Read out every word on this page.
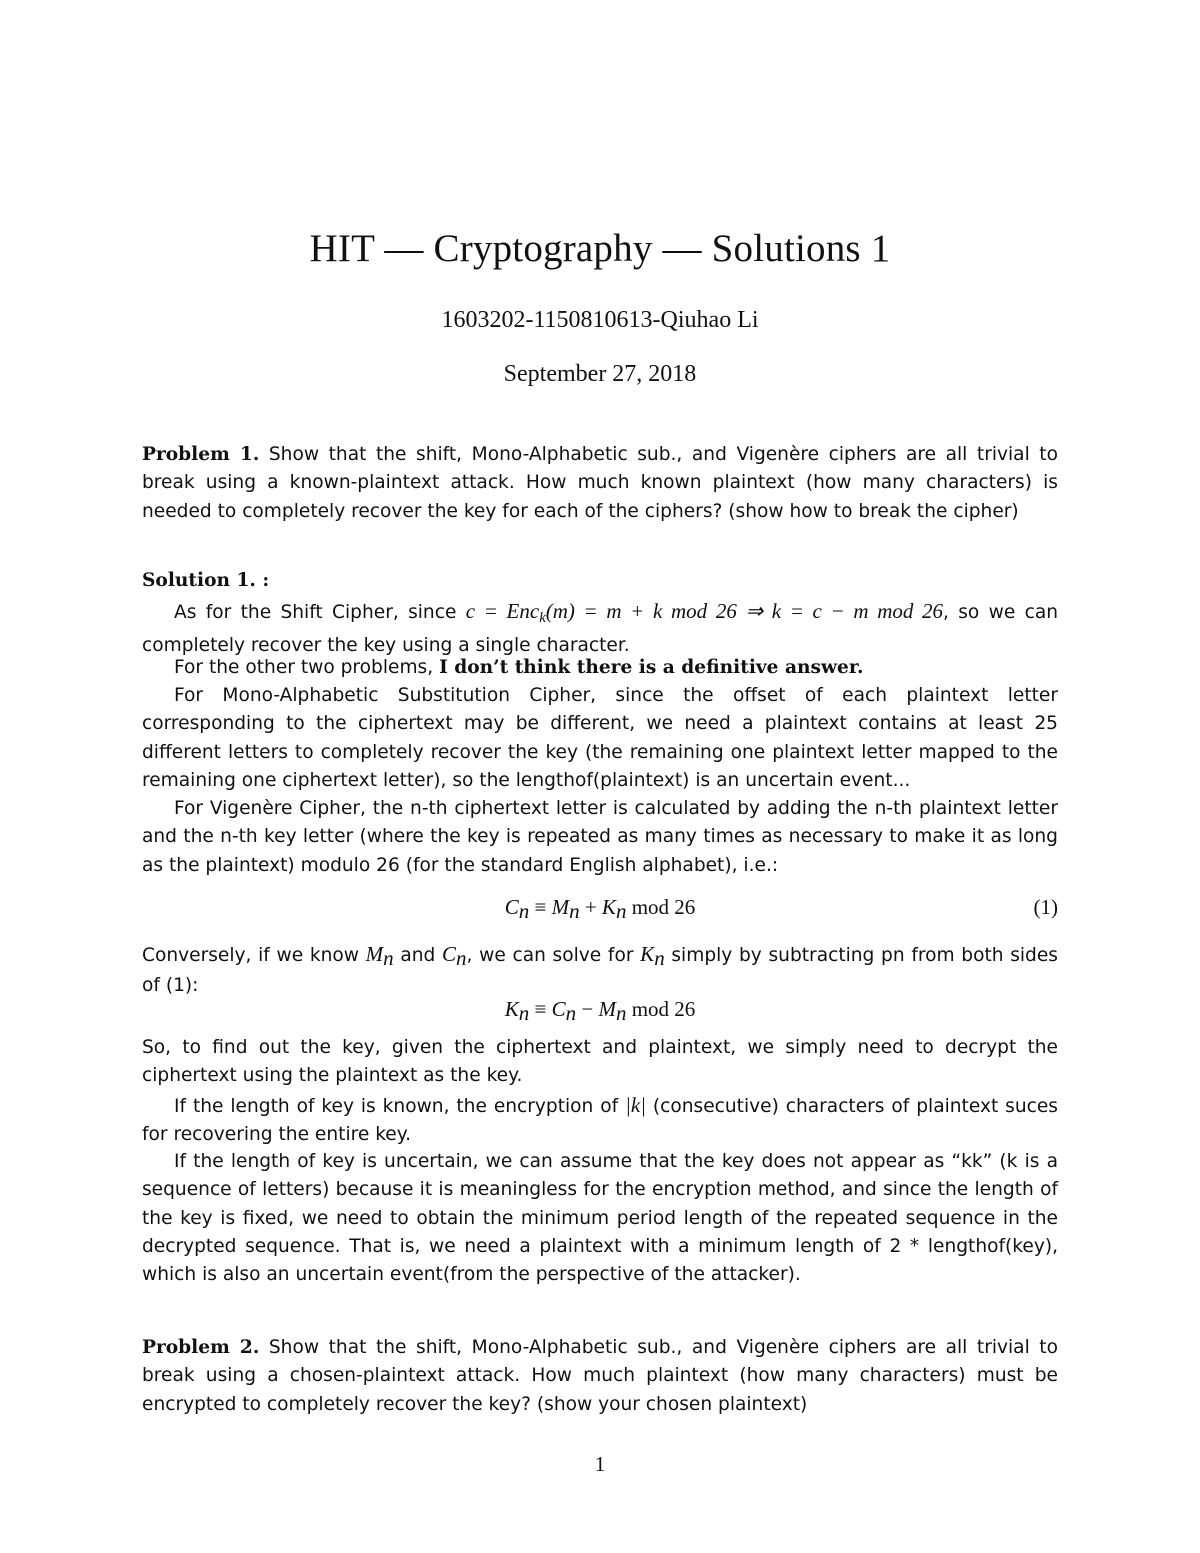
HIT — Cryptography — Solutions 1
1603202-1150810613-Qiuhao Li
September 27, 2018

Problem 1. Show that the shift, Mono-Alphabetic sub., and Vigenère ciphers are all trivial to break using a known-plaintext attack. How much known plaintext (how many characters) is needed to completely recover the key for each of the ciphers? (show how to break the cipher)

Solution 1. :

As for the Shift Cipher, since c = Enc$_k$(m) = m + k mod 26 ⇒ k = c − m mod 26, so we can completely recover the key using a single character.

For the other two problems, I don’t think there is a definitive answer.

For Mono-Alphabetic Substitution Cipher, since the offset of each plaintext letter corresponding to the ciphertext may be different, we need a plaintext contains at least 25 different letters to completely recover the key (the remaining one plaintext letter mapped to the remaining one ciphertext letter), so the lengthof(plaintext) is an uncertain event...

For Vigenère Cipher, the n-th ciphertext letter is calculated by adding the n-th plaintext letter and the n-th key letter (where the key is repeated as many times as necessary to make it as long as the plaintext) modulo 26 (for the standard English alphabet), i.e.:

$C_n \equiv M_n + K_n$ mod 26	(1)

Conversely, if we know $M_n$ and $C_n$, we can solve for $K_n$ simply by subtracting pn from both sides of (1):

$K_n \equiv C_n - M_n$ mod 26

So, to find out the key, given the ciphertext and plaintext, we simply need to decrypt the ciphertext using the plaintext as the key.

If the length of key is known, the encryption of |k| (consecutive) characters of plaintext suces for recovering the entire key.

If the length of key is uncertain, we can assume that the key does not appear as “kk” (k is a sequence of letters) because it is meaningless for the encryption method, and since the length of the key is fixed, we need to obtain the minimum period length of the repeated sequence in the decrypted sequence. That is, we need a plaintext with a minimum length of 2 * lengthof(key), which is also an uncertain event(from the perspective of the attacker).

Problem 2. Show that the shift, Mono-Alphabetic sub., and Vigenère ciphers are all trivial to break using a chosen-plaintext attack. How much plaintext (how many characters) must be encrypted to completely recover the key? (show your chosen plaintext)

1
